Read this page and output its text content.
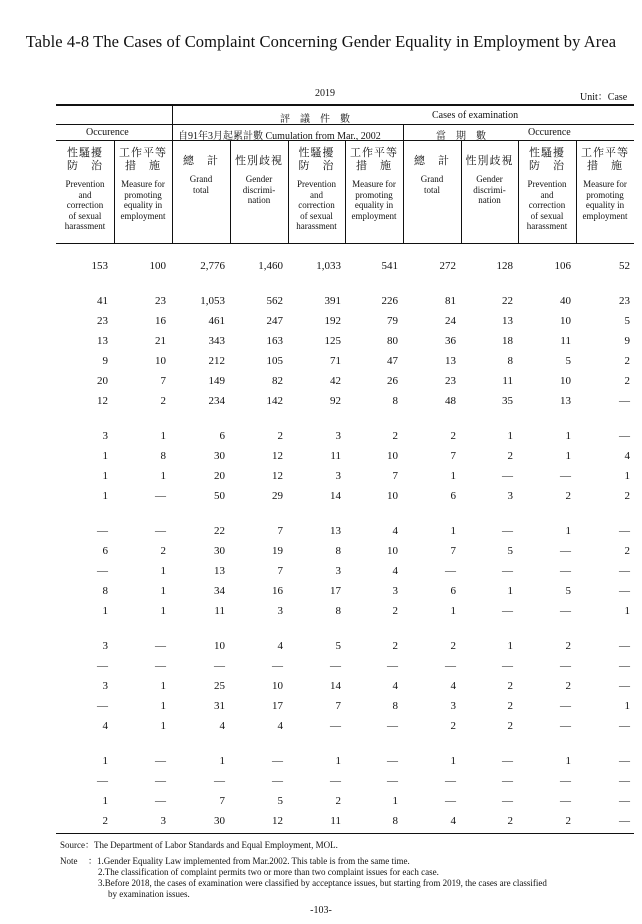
Table 4-8 The Cases of Complaint Concerning Gender Equality in Employment by Area
2019	Unit：Case
評　議　件　數	Cases of examination
Occurence	自91年3月起累計數 Cumulation from Mar., 2002	當　期　數	Occurence
性騷擾
防　治
Prevention
and
correction
of sexual
harassment
工作平等
措　施
Measure for
promoting
equality in
employment
總　計
Grand
total
性別歧視
Gender
discrimi-
nation
性騷擾
防　治
Prevention
and
correction
of sexual
harassment
工作平等
措　施
Measure for
promoting
equality in
employment
總　計
Grand
total
性別歧視
Gender
discrimi-
nation
性騷擾
防　治
Prevention
and
correction
of sexual
harassment
工作平等
措　施
Measure for
promoting
equality in
employment
153	100	2,776	1,460	1,033	541	272	128	106	52
41	23	1,053	562	391	226	81	22	40	23
23	16	461	247	192	79	24	13	10	5
13	21	343	163	125	80	36	18	11	9
9	10	212	105	71	47	13	8	5	2
20	7	149	82	42	26	23	11	10	2
12	2	234	142	92	8	48	35	13	—
3	1	6	2	3	2	2	1	1	—
1	8	30	12	11	10	7	2	1	4
1	1	20	12	3	7	1	—	—	1
1	—	50	29	14	10	6	3	2	2
—	—	22	7	13	4	1	—	1	—
6	2	30	19	8	10	7	5	—	2
—	1	13	7	3	4	—	—	—	—
8	1	34	16	17	3	6	1	5	—
1	1	11	3	8	2	1	—	—	1
3	—	10	4	5	2	2	1	2	—
—	—	—	—	—	—	—	—	—	—
3	1	25	10	14	4	4	2	2	—
—	1	31	17	7	8	3	2	—	1
4	1	4	4	—	—	2	2	—	—
1	—	1	—	1	—	1	—	1	—
—	—	—	—	—	—	—	—	—	—
1	—	7	5	2	1	—	—	—	—
2	3	30	12	11	8	4	2	2	—
Source：The Department of Labor Standards and Equal Employment, MOL.
Note ：1.Gender Equality Law implemented from Mar.2002. This table is from the same time.
2.The classification of complaint permits two or more than two complaint issues for each case.
3.Before 2018, the cases of examination were classified by acceptance issues, but starting from 2019, the cases are classified
by examination issues.
-103-
